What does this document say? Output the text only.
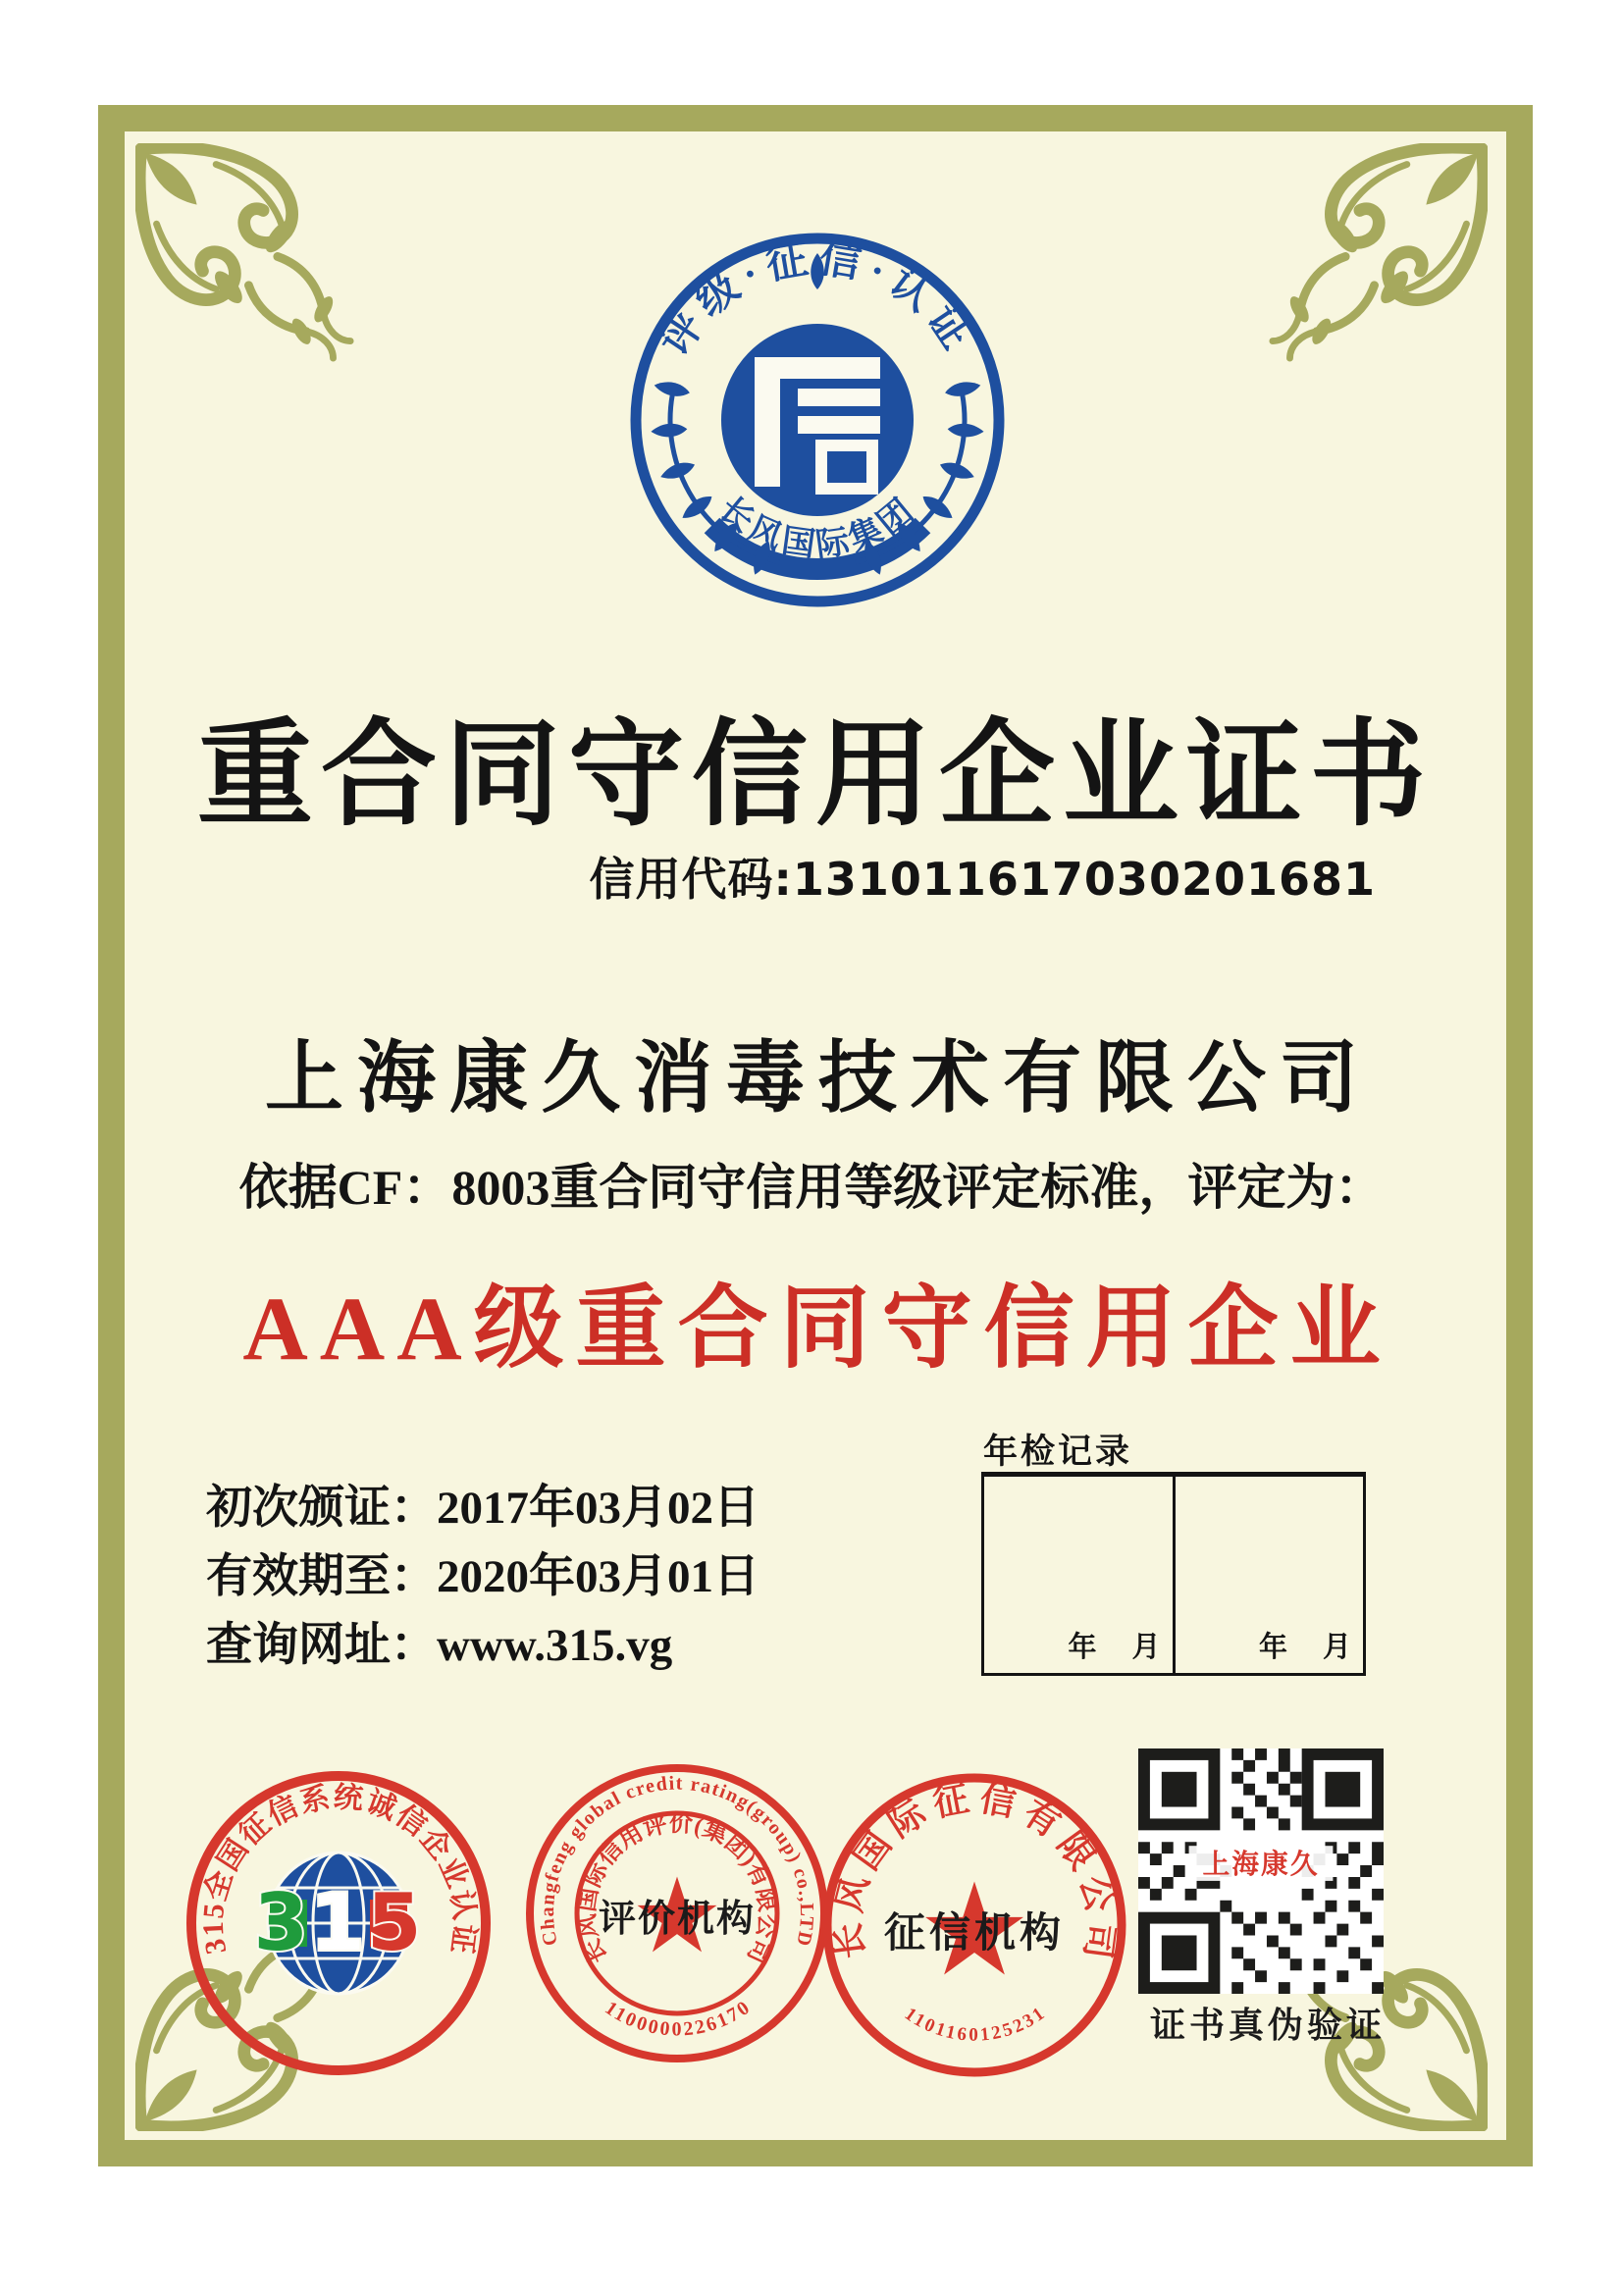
评级·征信·认证
长风国际集团
重合同守信用企业证书
信用代码:131011617030201681
上海康久消毒技术有限公司
依据CF：8003重合同守信用等级评定标准，评定为：
AAA级重合同守信用企业
初次颁证：2017年03月02日
有效期至：2020年03月01日
查询网址：www.315.vg
年检记录
年 月	年 月
315全国征信系统诚信企业认证
315	Changfeng global credit rating(group) co.,LTD
长风国际信用评价(集团)有限公司
评价机构
1100000226170
长风国际征信有限公司
征信机构
1101160125231
上海康久
证书真伪验证
